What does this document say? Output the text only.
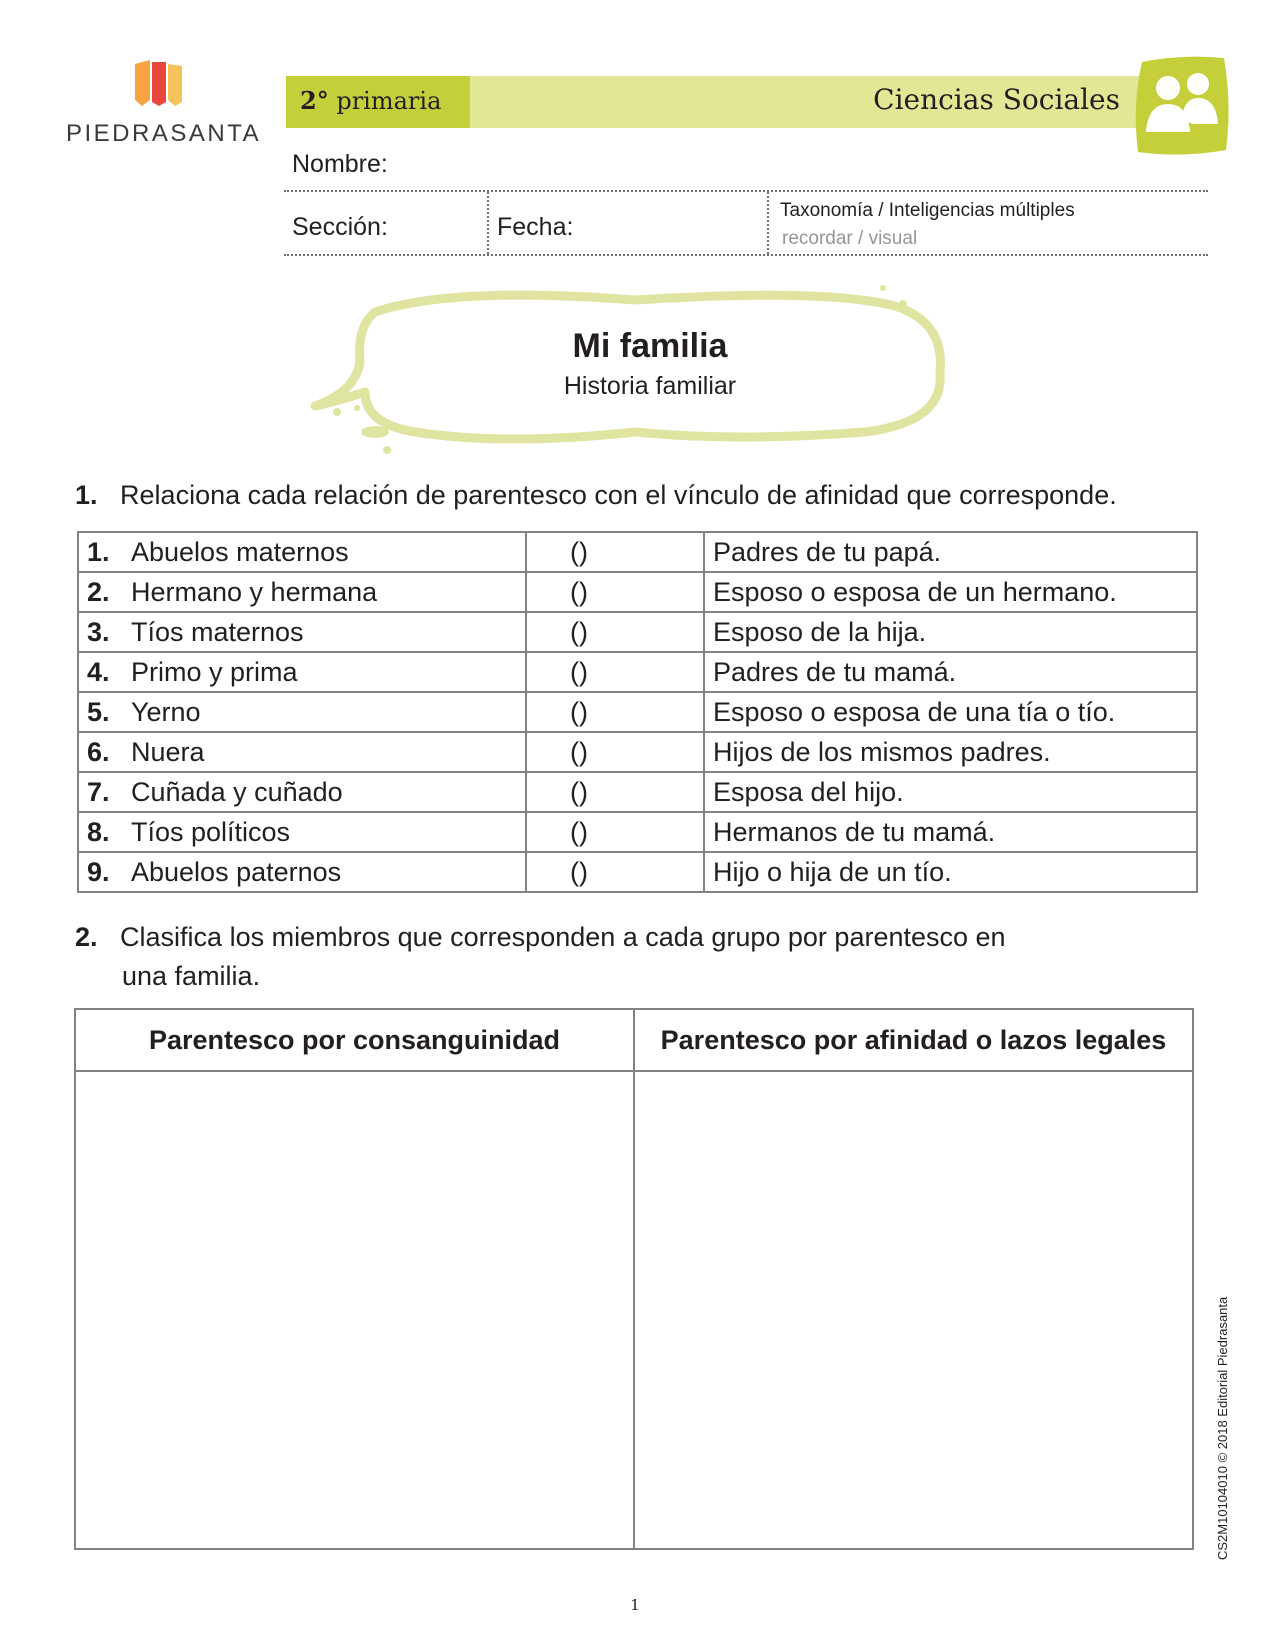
PIEDRASANTA
2° primaria	Ciencias Sociales
Nombre:
Sección:	Fecha:
Taxonomía / Inteligencias múltiples
recordar / visual
Mi familia
Historia familiar
1. Relaciona cada relación de parentesco con el vínculo de afinidad que corresponde.
1. Abuelos maternos	()	Padres de tu papá.
2. Hermano y hermana	()	Esposo o esposa de un hermano.
3. Tíos maternos	()	Esposo de la hija.
4. Primo y prima	()	Padres de tu mamá.
5. Yerno	()	Esposo o esposa de una tía o tío.
6. Nuera	()	Hijos de los mismos padres.
7. Cuñada y cuñado	()	Esposa del hijo.
8. Tíos políticos	()	Hermanos de tu mamá.
9. Abuelos paternos	()	Hijo o hija de un tío.
2. Clasifica los miembros que corresponden a cada grupo por parentesco en
una familia.
Parentesco por consanguinidad	Parentesco por afinidad o lazos legales

CS2M10104010 © 2018 Editorial Piedrasanta
1
